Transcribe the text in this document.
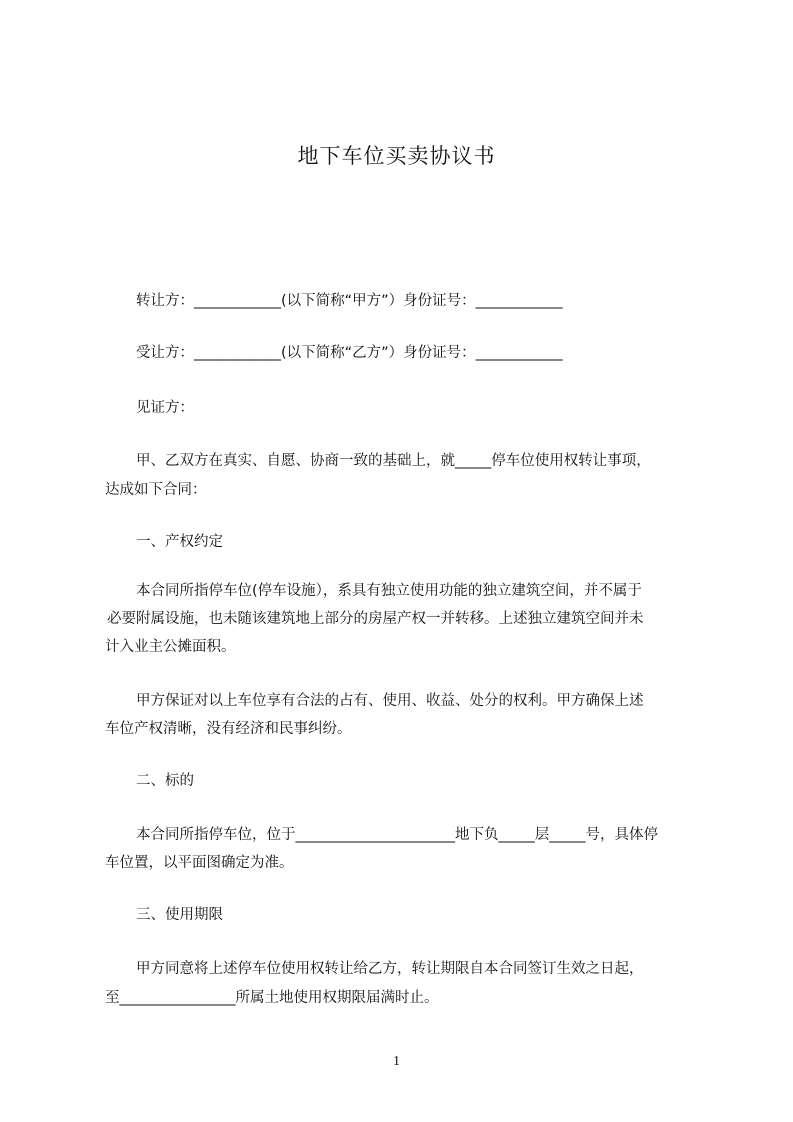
地下车位买卖协议书
转让方：____________(以下简称“甲方”）身份证号：____________
受让方：____________(以下简称“乙方”）身份证号：____________
见证方：
甲、乙双方在真实、自愿、协商一致的基础上，就_____停车位使用权转让事项，
达成如下合同：
一、产权约定
本合同所指停车位(停车设施），系具有独立使用功能的独立建筑空间，并不属于
必要附属设施，也未随该建筑地上部分的房屋产权一并转移。上述独立建筑空间并未
计入业主公摊面积。
甲方保证对以上车位享有合法的占有、使用、收益、处分的权利。甲方确保上述
车位产权清晰，没有经济和民事纠纷。
二、标的
本合同所指停车位，位于______________________地下负_____层_____号，具体停
车位置，以平面图确定为准。
三、使用期限
甲方同意将上述停车位使用权转让给乙方，转让期限自本合同签订生效之日起，
至________________所属土地使用权期限届满时止。
1
